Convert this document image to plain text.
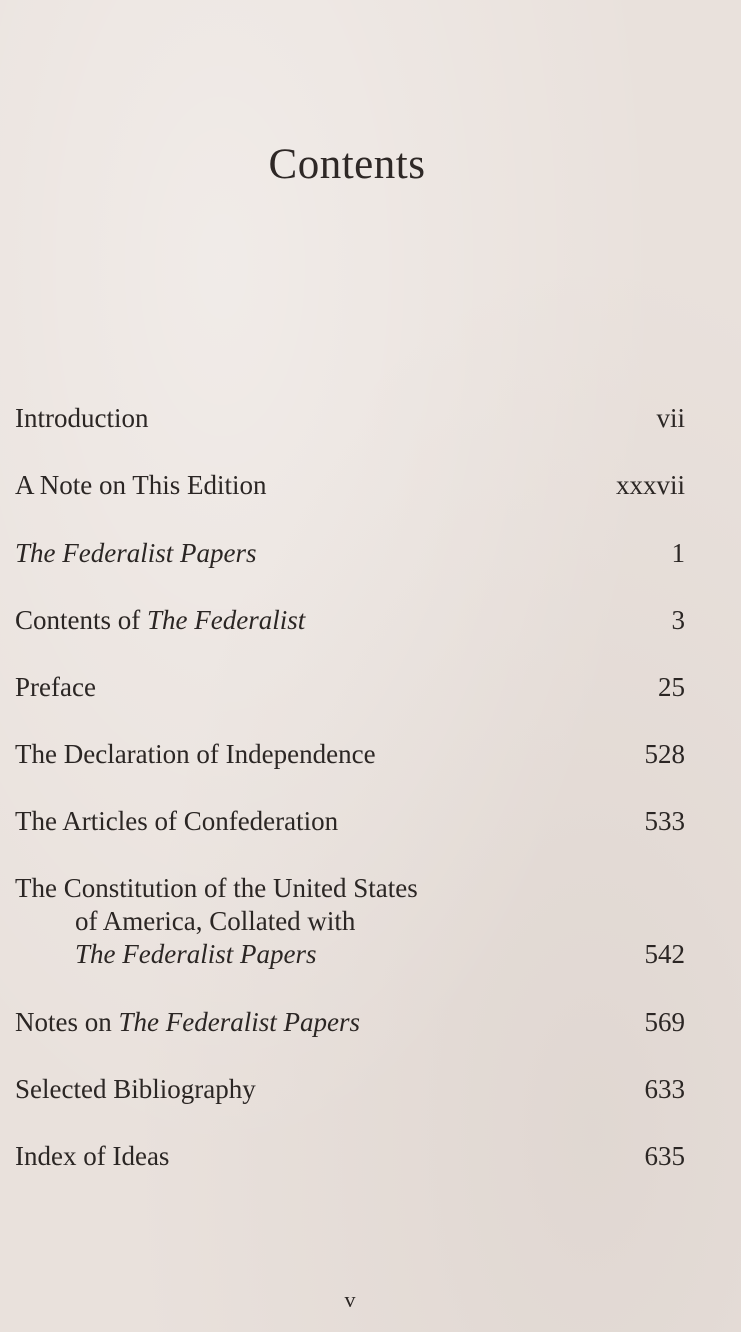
Contents
Introduction	vii
A Note on This Edition	xxxvii
The Federalist Papers	1
Contents of The Federalist	3
Preface	25
The Declaration of Independence	528
The Articles of Confederation	533
The Constitution of the United States
of America, Collated with
The Federalist Papers	542
Notes on The Federalist Papers	569
Selected Bibliography	633
Index of Ideas	635
v
